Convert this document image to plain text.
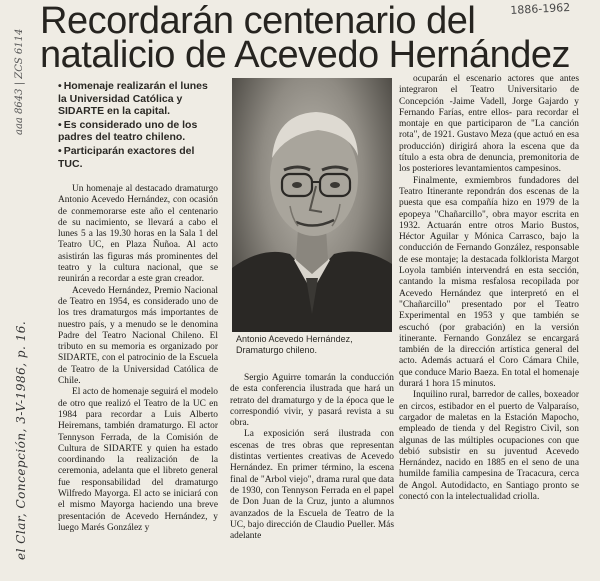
Recordarán centenario del
natalicio de Acevedo Hernández
1886-1962
el Clar, Concepción, 3-V-1986, p. 16.
aaa 8643 | ZCS 6114
•	Homenaje realizarán el lunes la Universidad Católica y SIDARTE en la capital.
• Es considerado uno de los padres del teatro chileno.
• Participarán exactores del TUC.

Un homenaje al destacado dramaturgo Antonio Acevedo Hernández, con ocasión de conmemorarse este año el centenario de su nacimiento, se llevará a cabo el lunes 5 a las 19.30 horas en la Sala 1 del Teatro UC, en Plaza Ñuñoa. Al acto asistirán las figuras más prominentes del teatro y la cultura nacional, que se reunirán a recordar a este gran creador.

Acevedo Hernández, Premio Nacional de Teatro en 1954, es considerado uno de los tres dramaturgos más importantes de nuestro país, y a menudo se le denomina Padre del Teatro Nacional Chileno. El tributo en su memoria es organizado por SIDARTE, con el patrocinio de la Escuela de Teatro de la Universidad Católica de Chile.

El acto de homenaje seguirá el modelo de otro que realizó el Teatro de la UC en 1984 para recordar a Luis Alberto Heiremans, también dramaturgo. El actor Tennyson Ferrada, de la Comisión de Cultura de SIDARTE y quien ha estado coordinando la realización de la ceremonia, adelanta que el libreto general fue responsabilidad del dramaturgo Wilfredo Mayorga. El acto se iniciará con el mismo Mayorga haciendo una breve presentación de Acevedo Hernández, y luego Marés González y

Antonio Acevedo Hernández, Dramaturgo chileno.

Sergio Aguirre tomarán la conducción de esta conferencia ilustrada que hará un retrato del dramaturgo y de la época que le correspondió vivir, y pasará revista a su obra.

La exposición será ilustrada con escenas de tres obras que representan distintas vertientes creativas de Acevedo Hernández. En primer término, la escena final de "Arbol viejo", drama rural que data de 1930, con Tennyson Ferrada en el papel de Don Juan de la Cruz, junto a alumnos avanzados de la Escuela de Teatro de la UC, bajo dirección de Claudio Pueller. Más adelante

ocuparán el escenario actores que antes integraron el Teatro Universitario de Concepción -Jaime Vadell, Jorge Gajardo y Fernando Farías, entre ellos- para recordar el montaje en que participaron de "La canción rota", de 1921. Gustavo Meza (que actuó en esa producción) dirigirá ahora la escena que da título a esta obra de denuncia, premonitoria de los posteriores levantamientos campesinos.

Finalmente, exmiembros fundadores del Teatro Itinerante repondrán dos escenas de la puesta que esa compañía hizo en 1979 de la epopeya "Chañarcillo", obra mayor escrita en 1932. Actuarán entre otros Mario Bustos, Héctor Aguilar y Mónica Carrasco, bajo la conducción de Fernando González, responsable de ese montaje; la destacada folklorista Margot Loyola también intervendrá en esta sección, cantando la misma resfalosa recopilada por Acevedo Hernández que interpretó en el "Chañarcillo" presentado por el Teatro Experimental en 1953 y que también se escuchó (por grabación) en la versión itinerante. Fernando González se encargará también de la dirección artística general del acto. Además actuará el Coro Cámara Chile, que conduce Mario Baeza. En total el homenaje durará 1 hora 15 minutos.

Inquilino rural, barredor de calles, boxeador en circos, estibador en el puerto de Valparaíso, cargador de maletas en la Estación Mapocho, empleado de tienda y del Registro Civil, son algunas de las múltiples ocupaciones con que debió subsistir en su juventud Acevedo Hernández, nacido en 1885 en el seno de una humilde familia campesina de Tracacura, cerca de Angol. Autodidacto, en Santiago pronto se conectó con la intelectualidad criolla.
